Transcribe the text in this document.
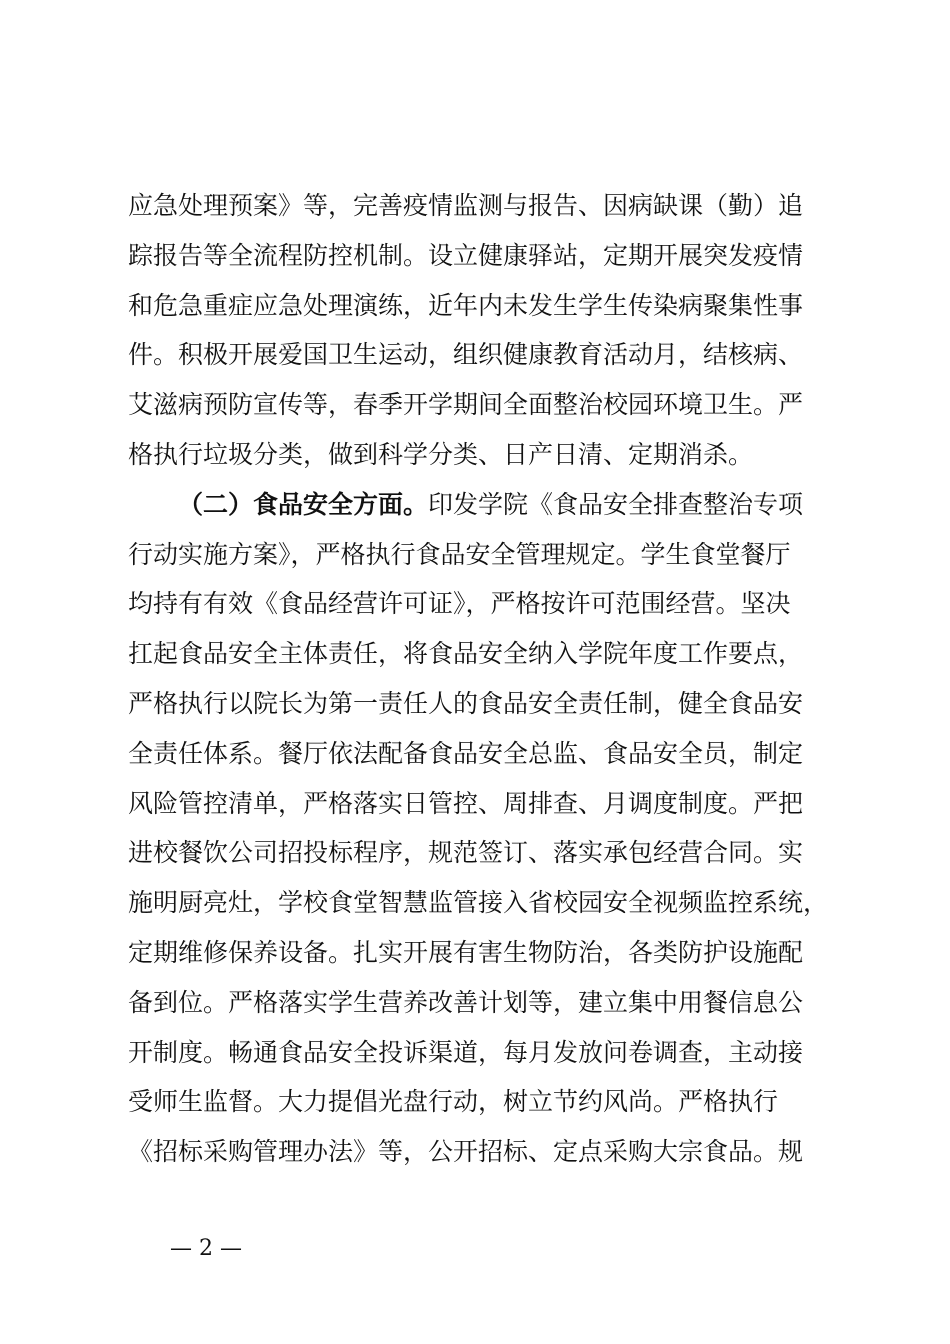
应急处理预案》等，完善疫情监测与报告、因病缺课（勤）追
踪报告等全流程防控机制。设立健康驿站，定期开展突发疫情
和危急重症应急处理演练，近年内未发生学生传染病聚集性事
件。积极开展爱国卫生运动，组织健康教育活动月，结核病、
艾滋病预防宣传等，春季开学期间全面整治校园环境卫生。严
格执行垃圾分类，做到科学分类、日产日清、定期消杀。
（二）食品安全方面。印发学院《食品安全排查整治专项
行动实施方案》，严格执行食品安全管理规定。学生食堂餐厅
均持有有效《食品经营许可证》，严格按许可范围经营。坚决
扛起食品安全主体责任，将食品安全纳入学院年度工作要点，
严格执行以院长为第一责任人的食品安全责任制，健全食品安
全责任体系。餐厅依法配备食品安全总监、食品安全员，制定
风险管控清单，严格落实日管控、周排查、月调度制度。严把
进校餐饮公司招投标程序，规范签订、落实承包经营合同。实
施明厨亮灶，学校食堂智慧监管接入省校园安全视频监控系统，
定期维修保养设备。扎实开展有害生物防治，各类防护设施配
备到位。严格落实学生营养改善计划等，建立集中用餐信息公
开制度。畅通食品安全投诉渠道，每月发放问卷调查，主动接
受师生监督。大力提倡光盘行动，树立节约风尚。严格执行
《招标采购管理办法》等，公开招标、定点采购大宗食品。规
— 2 —
